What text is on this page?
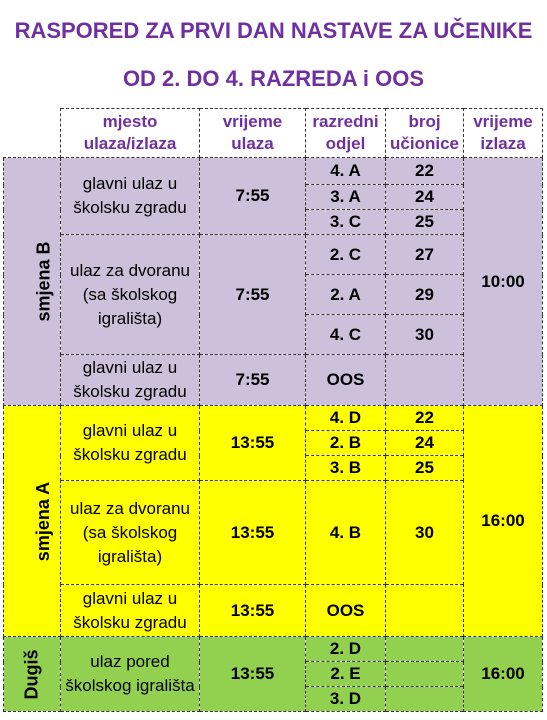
RASPORED ZA PRVI DAN NASTAVE ZA UČENIKE
OD 2. DO 4. RAZREDA i OOS
	mjesto ulaza/izlaza	vrijeme ulaza	razredni odjel	broj učionice	vrijeme izlaza
smjena B	glavni ulaz u školsku zgradu	7:55	4. A	22	10:00
			3. A	24	
			3. C	25	
	ulaz za dvoranu (sa školskog igrališta)	7:55	2. C	27	
			2. A	29	
			4. C	30	
	glavni ulaz u školsku zgradu	7:55	OOS		
smjena A	glavni ulaz u školsku zgradu	13:55	4. D	22	16:00
			2. B	24	
			3. B	25	
	ulaz za dvoranu (sa školskog igrališta)	13:55	4. B	30	
	glavni ulaz u školsku zgradu	13:55	OOS		
Dugiš	ulaz pored školskog igrališta	13:55	2. D		16:00
			2. E		
			3. D		
